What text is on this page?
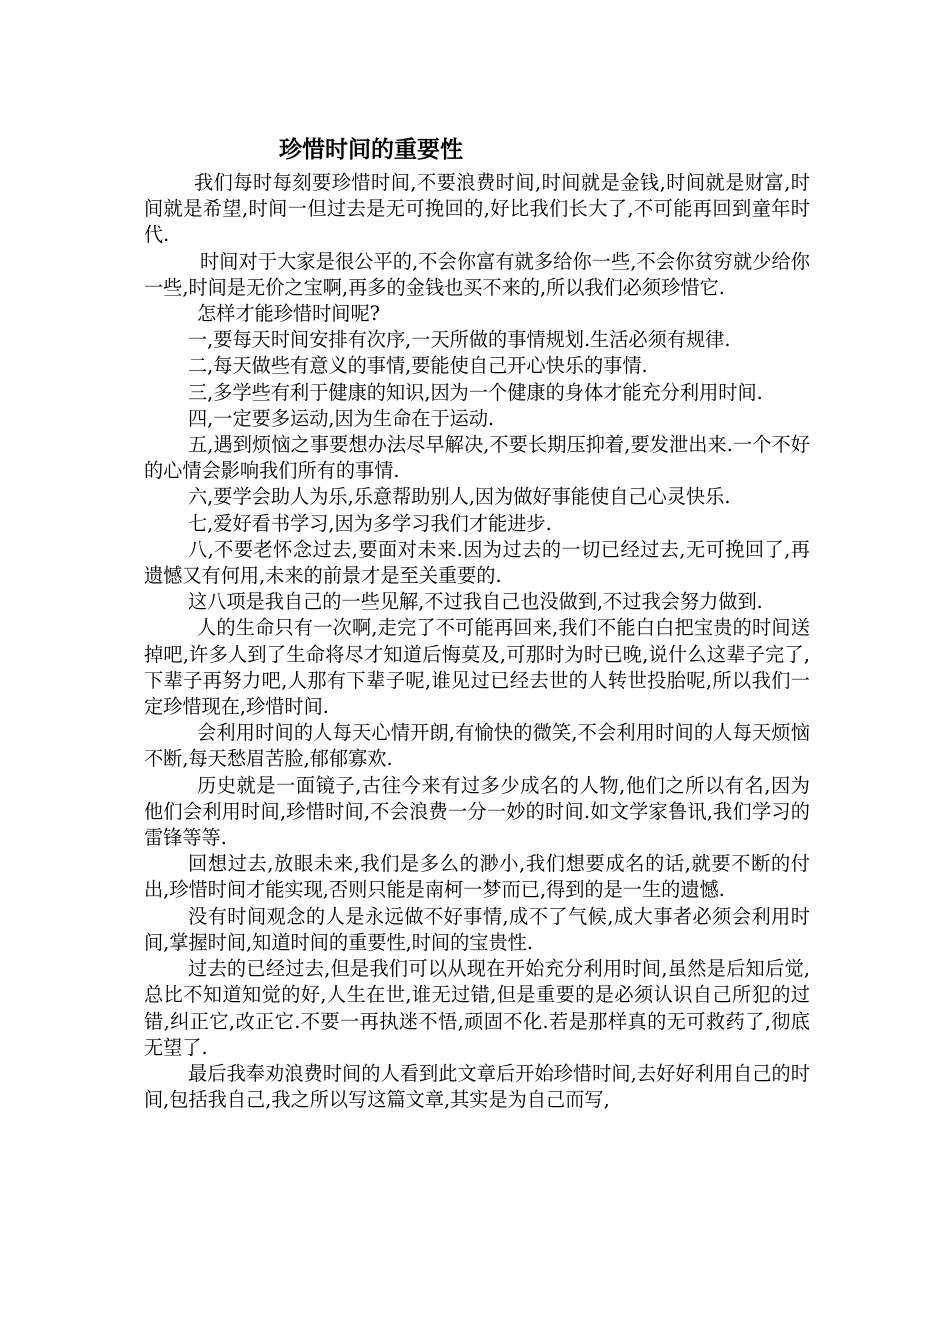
珍惜时间的重要性

我们每时每刻要珍惜时间,不要浪费时间,时间就是金钱,时间就是财富,时间就是希望,时间一但过去是无可挽回的,好比我们长大了,不可能再回到童年时代.

时间对于大家是很公平的,不会你富有就多给你一些,不会你贫穷就少给你一些,时间是无价之宝啊,再多的金钱也买不来的,所以我们必须珍惜它.

怎样才能珍惜时间呢?

一,要每天时间安排有次序,一天所做的事情规划.生活必须有规律.

二,每天做些有意义的事情,要能使自己开心快乐的事情.

三,多学些有利于健康的知识,因为一个健康的身体才能充分利用时间.

四,一定要多运动,因为生命在于运动.

五,遇到烦恼之事要想办法尽早解决,不要长期压抑着,要发泄出来.一个不好的心情会影响我们所有的事情.

六,要学会助人为乐,乐意帮助别人,因为做好事能使自己心灵快乐.

七,爱好看书学习,因为多学习我们才能进步.

八,不要老怀念过去,要面对未来.因为过去的一切已经过去,无可挽回了,再遗憾又有何用,未来的前景才是至关重要的.

这八项是我自己的一些见解,不过我自己也没做到,不过我会努力做到.

人的生命只有一次啊,走完了不可能再回来,我们不能白白把宝贵的时间送掉吧,许多人到了生命将尽才知道后悔莫及,可那时为时已晚,说什么这辈子完了,下辈子再努力吧,人那有下辈子呢,谁见过已经去世的人转世投胎呢,所以我们一定珍惜现在,珍惜时间.

会利用时间的人每天心情开朗,有愉快的微笑,不会利用时间的人每天烦恼不断,每天愁眉苦脸,郁郁寡欢.

历史就是一面镜子,古往今来有过多少成名的人物,他们之所以有名,因为他们会利用时间,珍惜时间,不会浪费一分一妙的时间.如文学家鲁讯,我们学习的雷锋等等.

回想过去,放眼未来,我们是多么的渺小,我们想要成名的话,就要不断的付出,珍惜时间才能实现,否则只能是南柯一梦而已,得到的是一生的遗憾.

没有时间观念的人是永远做不好事情,成不了气候,成大事者必须会利用时间,掌握时间,知道时间的重要性,时间的宝贵性.

过去的已经过去,但是我们可以从现在开始充分利用时间,虽然是后知后觉,总比不知道知觉的好,人生在世,谁无过错,但是重要的是必须认识自己所犯的过错,纠正它,改正它.不要一再执迷不悟,顽固不化.若是那样真的无可救药了,彻底无望了.

最后我奉劝浪费时间的人看到此文章后开始珍惜时间,去好好利用自己的时间,包括我自己,我之所以写这篇文章,其实是为自己而写,
